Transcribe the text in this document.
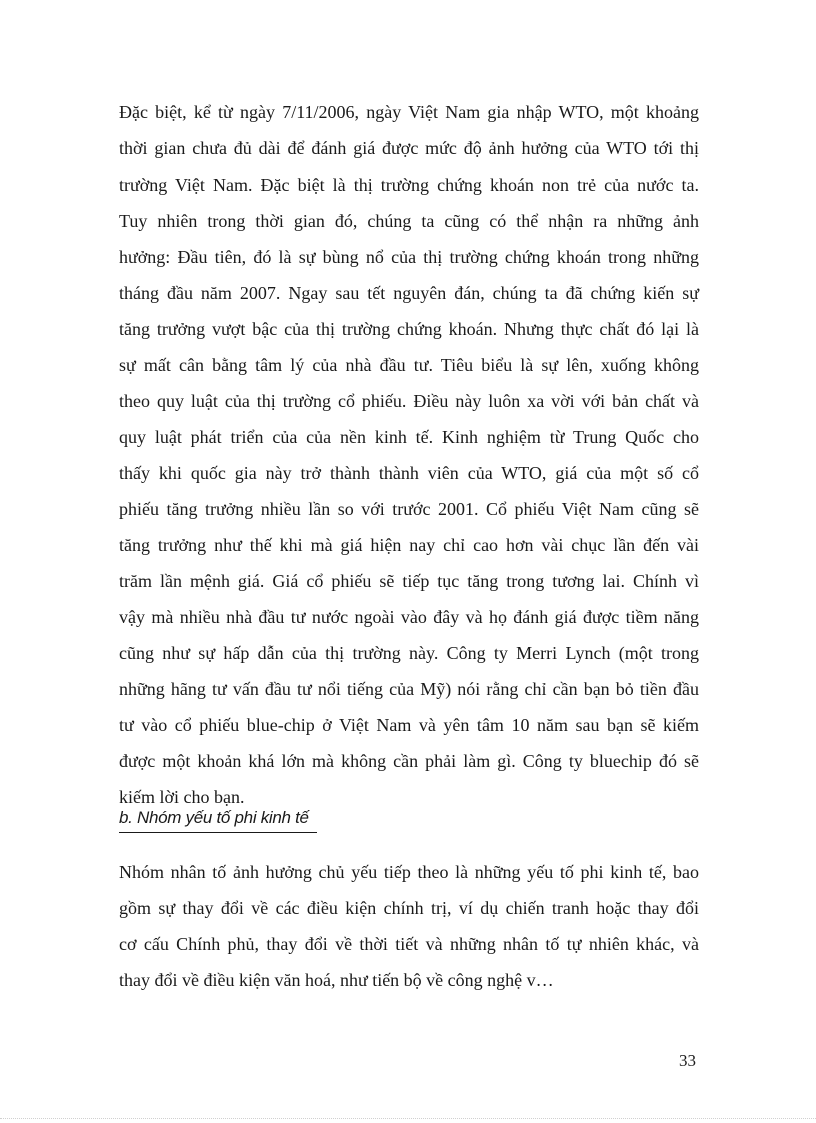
Đặc biệt, kể từ ngày 7/11/2006, ngày Việt Nam gia nhập WTO, một khoảng
thời gian chưa đủ dài để đánh giá được mức độ ảnh hưởng của WTO tới thị
trường Việt Nam. Đặc biệt là thị trường chứng khoán non trẻ của nước ta.
Tuy nhiên trong thời gian đó, chúng ta cũng có thể nhận ra những ảnh
hưởng: Đầu tiên, đó là sự bùng nổ của thị trường chứng khoán trong những
tháng đầu năm 2007. Ngay sau tết nguyên đán, chúng ta đã chứng kiến sự
tăng trưởng vượt bậc của thị trường chứng khoán. Nhưng thực chất đó lại là
sự mất cân bằng tâm lý của nhà đầu tư. Tiêu biểu là sự lên, xuống không
theo quy luật của thị trường cổ phiếu. Điều này luôn xa vời với bản chất và
quy luật phát triển của của nền kinh tế. Kinh nghiệm từ Trung Quốc cho
thấy khi quốc gia này trở thành thành viên của WTO, giá của một số cổ
phiếu tăng trưởng nhiều lần so với trước 2001. Cổ phiếu Việt Nam cũng sẽ
tăng trưởng như thế khi mà giá hiện nay chỉ cao hơn vài chục lần đến vài
trăm lần mệnh giá. Giá cổ phiếu sẽ tiếp tục tăng trong tương lai. Chính vì
vậy mà nhiều nhà đầu tư nước ngoài vào đây và họ đánh giá được tiềm năng
cũng như sự hấp dẫn của thị trường này. Công ty Merri Lynch (một trong
những hãng tư vấn đầu tư nổi tiếng của Mỹ) nói rằng chỉ cần bạn bỏ tiền đầu
tư vào cổ phiếu blue-chip ở Việt Nam và yên tâm 10 năm sau bạn sẽ kiếm
được một khoản khá lớn mà không cần phải làm gì. Công ty bluechip đó sẽ
kiếm lời cho bạn.
b. Nhóm yếu tố phi kinh tế
Nhóm nhân tố ảnh hưởng chủ yếu tiếp theo là những yếu tố phi kinh tế, bao
gồm sự thay đổi về các điều kiện chính trị, ví dụ chiến tranh hoặc thay đổi
cơ cấu Chính phủ, thay đổi về thời tiết và những nhân tố tự nhiên khác, và
thay đổi về điều kiện văn hoá, như tiến bộ về công nghệ v…
33
